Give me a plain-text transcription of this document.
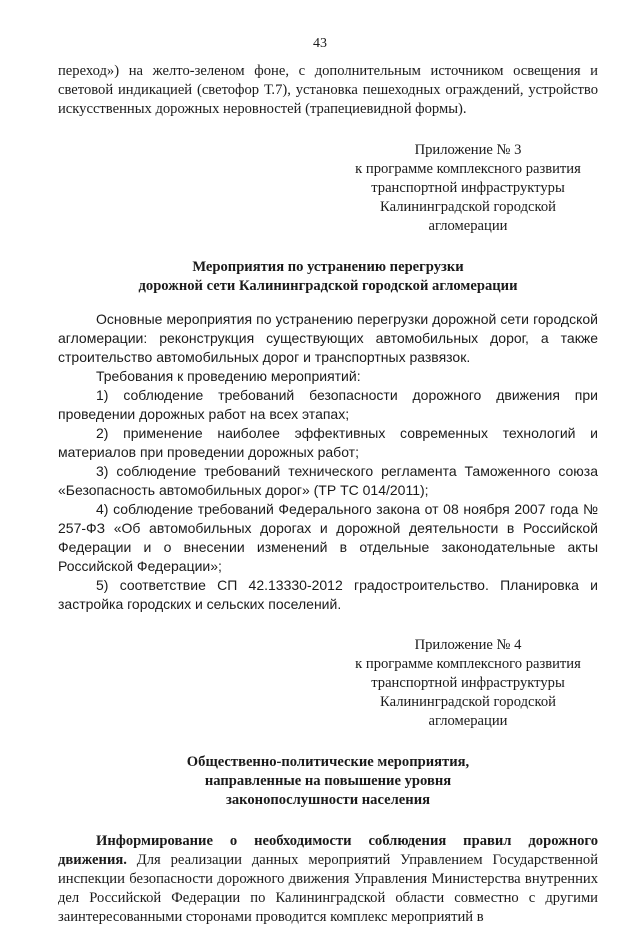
43

переход») на желто-зеленом фоне, с дополнительным источником освещения и световой индикацией (светофор Т.7), установка пешеходных ограждений, устройство искусственных дорожных неровностей (трапециевидной формы).

Приложение № 3
к программе комплексного развития
транспортной инфраструктуры
Калининградской городской
агломерации
Мероприятия по устранению перегрузки
дорожной сети Калининградской городской агломерации

Основные мероприятия по устранению перегрузки дорожной сети городской агломерации: реконструкция существующих автомобильных дорог, а также строительство автомобильных дорог и транспортных развязок.

Требования к проведению мероприятий:

1) соблюдение требований безопасности дорожного движения при проведении дорожных работ на всех этапах;

2) применение наиболее эффективных современных технологий и материалов при проведении дорожных работ;

3) соблюдение требований технического регламента Таможенного союза «Безопасность автомобильных дорог» (ТР ТС 014/2011);

4) соблюдение требований Федерального закона от 08 ноября 2007 года № 257-ФЗ «Об автомобильных дорогах и дорожной деятельности в Российской Федерации и о внесении изменений в отдельные законодательные акты Российской Федерации»;

5) соответствие СП 42.13330-2012 градостроительство. Планировка и застройка городских и сельских поселений.

Приложение № 4
к программе комплексного развития
транспортной инфраструктуры
Калининградской городской
агломерации
Общественно-политические мероприятия,
направленные на повышение уровня
законопослушности населения

Информирование о необходимости соблюдения правил дорожного движения. Для реализации данных мероприятий Управлением Государственной инспекции безопасности дорожного движения Управления Министерства внутренних дел Российской Федерации по Калининградской области совместно с другими заинтересованными сторонами проводится комплекс мероприятий в
